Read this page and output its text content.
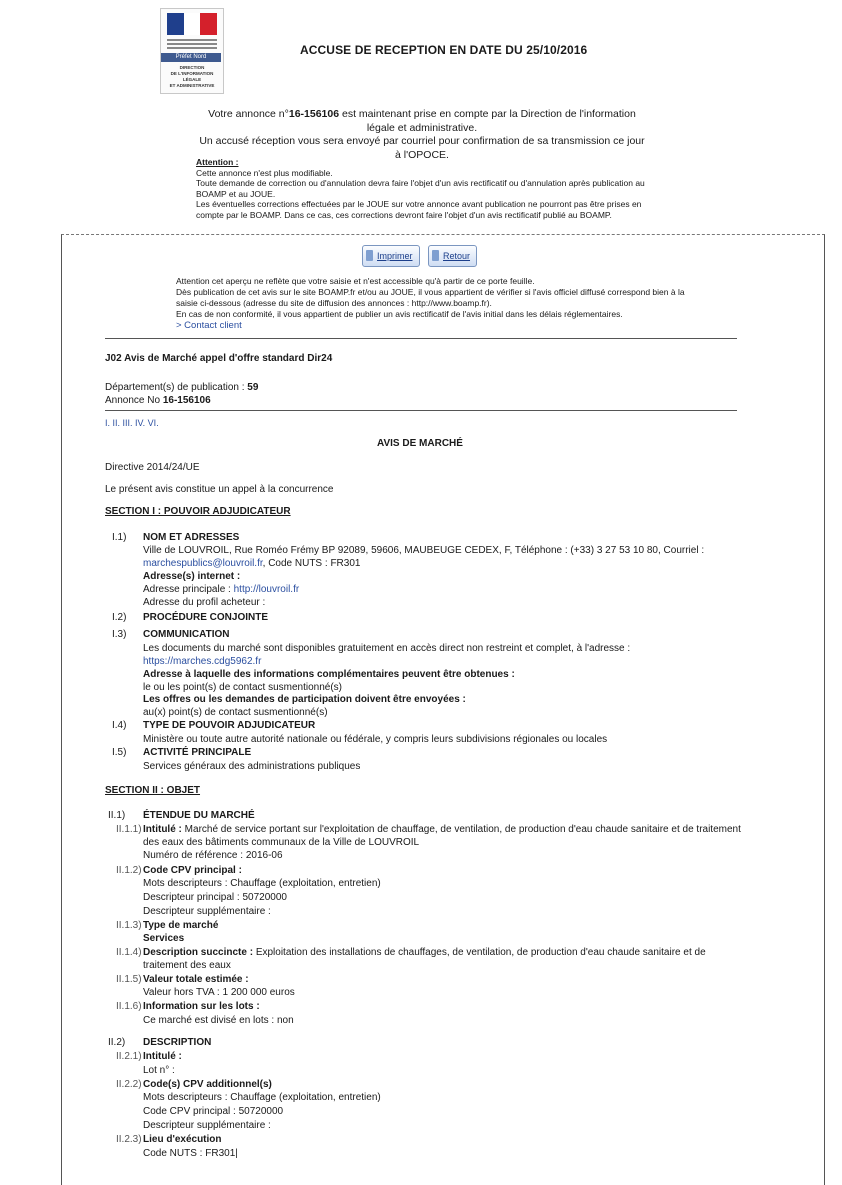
Préfet Nord
DIRECTION
DE L'INFORMATION
LÉGALE
ET ADMINISTRATIVE
ACCUSE DE RECEPTION EN DATE DU 25/10/2016
Votre annonce n°16-156106 est maintenant prise en compte par la Direction de l'information légale et administrative.
Un accusé réception vous sera envoyé par courriel pour confirmation de sa transmission ce jour à l'OPOCE.
Attention :
Cette annonce n'est plus modifiable.
Toute demande de correction ou d'annulation devra faire l'objet d'un avis rectificatif ou d'annulation après publication au BOAMP et au JOUE.
Les éventuelles corrections effectuées par le JOUE sur votre annonce avant publication ne pourront pas être prises en compte par le BOAMP. Dans ce cas, ces corrections devront faire l'objet d'un avis rectificatif publié au BOAMP.
Imprimer	Retour
Attention cet aperçu ne reflète que votre saisie et n'est accessible qu'à partir de ce porte feuille.
Dès publication de cet avis sur le site BOAMP.fr et/ou au JOUE, il vous appartient de vérifier si l'avis officiel diffusé correspond bien à la saisie ci-dessous (adresse du site de diffusion des annonces : http://www.boamp.fr).
En cas de non conformité, il vous appartient de publier un avis rectificatif de l'avis initial dans les délais réglementaires.
> Contact client
J02 Avis de Marché appel d'offre standard Dir24
Département(s) de publication : 59
Annonce No 16-156106
I. II. III. IV. VI.
AVIS DE MARCHÉ
Directive 2014/24/UE
Le présent avis constitue un appel à la concurrence
SECTION I : POUVOIR ADJUDICATEUR
I.1) NOM ET ADRESSES
Ville de LOUVROIL, Rue Roméo Frémy BP 92089, 59606, MAUBEUGE CEDEX, F, Téléphone : (+33) 3 27 53 10 80, Courriel :
marchespublics@louvroil.fr, Code NUTS : FR301
Adresse(s) internet :
Adresse principale : http://louvroil.fr
Adresse du profil acheteur :
I.2) PROCÉDURE CONJOINTE
I.3) COMMUNICATION
Les documents du marché sont disponibles gratuitement en accès direct non restreint et complet, à l'adresse :
https://marches.cdg5962.fr
Adresse à laquelle des informations complémentaires peuvent être obtenues :
le ou les point(s) de contact susmentionné(s)
Les offres ou les demandes de participation doivent être envoyées :
au(x) point(s) de contact susmentionné(s)
I.4) TYPE DE POUVOIR ADJUDICATEUR
Ministère ou toute autre autorité nationale ou fédérale, y compris leurs subdivisions régionales ou locales
I.5) ACTIVITÉ PRINCIPALE
Services généraux des administrations publiques
SECTION II : OBJET
II.1) ÉTENDUE DU MARCHÉ
II.1.1) Intitulé : Marché de service portant sur l'exploitation de chauffage, de ventilation, de production d'eau chaude sanitaire et de traitement
des eaux des bâtiments communaux de la Ville de LOUVROIL
Numéro de référence : 2016-06
II.1.2) Code CPV principal :
Mots descripteurs : Chauffage (exploitation, entretien)
Descripteur principal : 50720000
Descripteur supplémentaire :
II.1.3) Type de marché
Services
II.1.4) Description succincte : Exploitation des installations de chauffages, de ventilation, de production d'eau chaude sanitaire et de
traitement des eaux
II.1.5) Valeur totale estimée :
Valeur hors TVA : 1 200 000 euros
II.1.6) Information sur les lots :
Ce marché est divisé en lots : non
II.2) DESCRIPTION
II.2.1) Intitulé :
Lot n° :
II.2.2) Code(s) CPV additionnel(s)
Mots descripteurs : Chauffage (exploitation, entretien)
Code CPV principal : 50720000
Descripteur supplémentaire :
II.2.3) Lieu d'exécution
Code NUTS : FR301|
